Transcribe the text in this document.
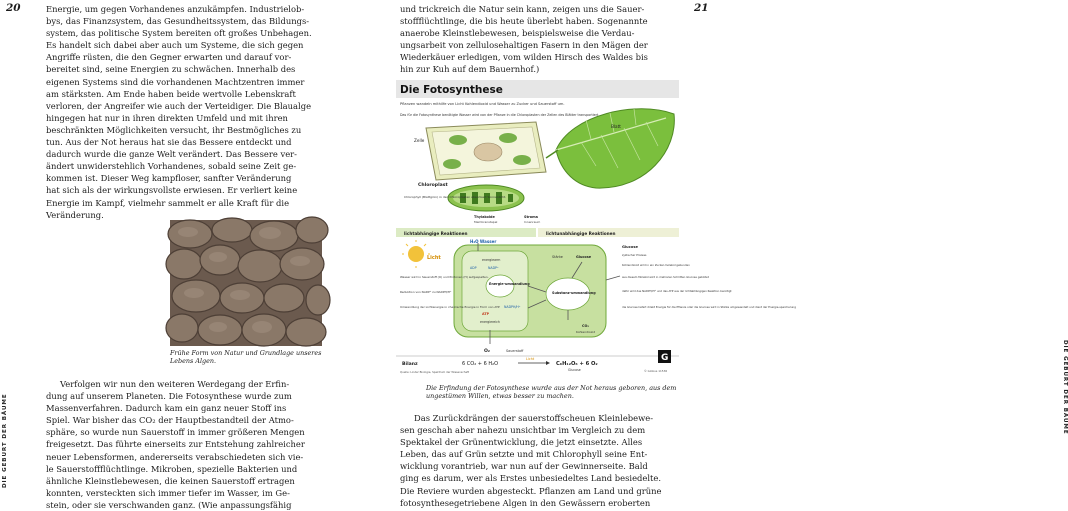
20	Energie, um gegen Vorhandenes anzukämpfen. Industrielob-

bys, das Finanzsystem, das Gesundheitssystem, das Bildungs-

system, das politische System bereiten oft großes Unbehagen.

Es handelt sich dabei aber auch um Systeme, die sich gegen

Angriffe rüsten, die den Gegner erwarten und darauf vor-

bereitet sind, seine Energien zu schwächen. Innerhalb des

eigenen Systems sind die vorhandenen Machtzentren immer

am stärksten. Am Ende haben beide wertvolle Lebenskraft

verloren, der Angreifer wie auch der Verteidiger. Die Blaualge

hingegen hat nur in ihren direkten Umfeld und mit ihren

beschränkten Möglichkeiten versucht, ihr Bestmögliches zu

tun. Aus der Not heraus hat sie das Bessere entdeckt und

dadurch wurde die ganze Welt verändert. Das Bessere ver-

ändert unwiderstehlich Vorhandenes, sobald seine Zeit ge-

kommen ist. Dieser Weg kampfloser, sanfter Veränderung

hat sich als der wirkungsvollste erwiesen. Er verliert keine

Energie im Kampf, vielmehr sammelt er alle Kraft für die

Veränderung.

Frühe Form von Natur und Grundlage unseres Lebens Algen.

Verfolgen wir nun den weiteren Werdegang der Erfin-

dung auf unserem Planeten. Die Fotosynthese wurde zum

Massenverfahren. Dadurch kam ein ganz neuer Stoff ins

Spiel. War bisher das CO₂ der Hauptbestandteil der Atmo-

sphäre, so wurde nun Sauerstoff in immer größeren Mengen

freigesetzt. Das führte einerseits zur Entstehung zahlreicher

neuer Lebensformen, andererseits verabschiedeten sich vie-

le Sauerstoffflüchtlinge. Mikroben, spezielle Bakterien und

ähnliche Kleinstlebewesen, die keinen Sauerstoff ertragen

konnten, versteckten sich immer tiefer im Wasser, im Ge-

stein, oder sie verschwanden ganz. (Wie anpassungsfähig

DIE GEBURT DER BÄUME
21

und trickreich die Natur sein kann, zeigen uns die Sauer-

stoffflüchtlinge, die bis heute überlebt haben. Sogenannte

anaerobe Kleinstlebewesen, beispielsweise die Verdau-

ungsarbeit von zellulosehaltigen Fasern in den Mägen der

Wiederkäuer erledigen, vom wilden Hirsch des Waldes bis

hin zur Kuh auf dem Bauernhof.)

Die Erfindung der Fotosynthese wurde aus der Not heraus geboren, aus dem ungestümen Willen, etwas besser zu machen.

Das Zurückdrängen der sauerstoffscheuen Kleinlebewe-

sen geschah aber nahezu unsichtbar im Vergleich zu dem

Spektakel der Grünentwicklung, die jetzt einsetzte. Alles

Leben, das auf Grün setzte und mit Chlorophyll seine Ent-

wicklung vorantrieb, war nun auf der Gewinnerseite. Bald

ging es darum, wer als Erstes unbesiedeltes Land besiedelte.

Die Reviere wurden abgesteckt. Pflanzen am Land und grüne

fotosynthesegetriebene Algen in den Gewässern eroberten

DIE GEBURT DER BÄUME
Die Fotosynthese
Pflanzen wandeln mithilfe von Licht Kohlendioxid und Wasser zu Zucker und Sauerstoff um.
Das für die Fotosynthese benötigte Wasser wird von der Pflanze in die Chloroplasten der Zellen des Blätter transportiert.
Zelle
Blatt
Chloroplast
Chlorophyll (Blattgrün) in den Chloroplasten absorbiert Sonnenlicht.
Thylakoide
Membranstapel
Stroma
Innenraum
lichtabhängige Reaktionen	lichtunabhängige Reaktionen
Licht
H₂O Wasser
energiearm
ADP	NADP⁺
Energie-umwandlung
NADPH/H⁺
ATP
energiereich
Substanz-umwandlung
Stärke	Glucose
CO₂
Kohlendioxid
Wasser wird in Sauerstoff (O) und Protonen (H) aufgespalten.
Reduktion von NADP⁺ zu NADPH/H⁺
Umwandlung der Lichtenergie in chemische Energie in Form von ATP
Glucose
zyklischer Prozess
Kohlendioxid wird in ein Zucker-molekül gebunden
aus diesem Molekül wird in mehreren Schritten Glucose gebildet
dafür wird das NADPH/H⁺ und das ATP aus der lichtabhängigen Reaktion benötigt
die Glucose liefert direkt Energie für die Pflanze oder die Glucose wird in Stärke umgewandelt und dient der Energie-speicherung
O₂	Sauerstoff
Bilanz	6 CO₂ + 6 H₂O
Licht
C₆H₁₂O₆ + 6 O₂
Glucose
Quelle: Linder Biologie, Spektrum der Wissenschaft
G
© Globus 11536
